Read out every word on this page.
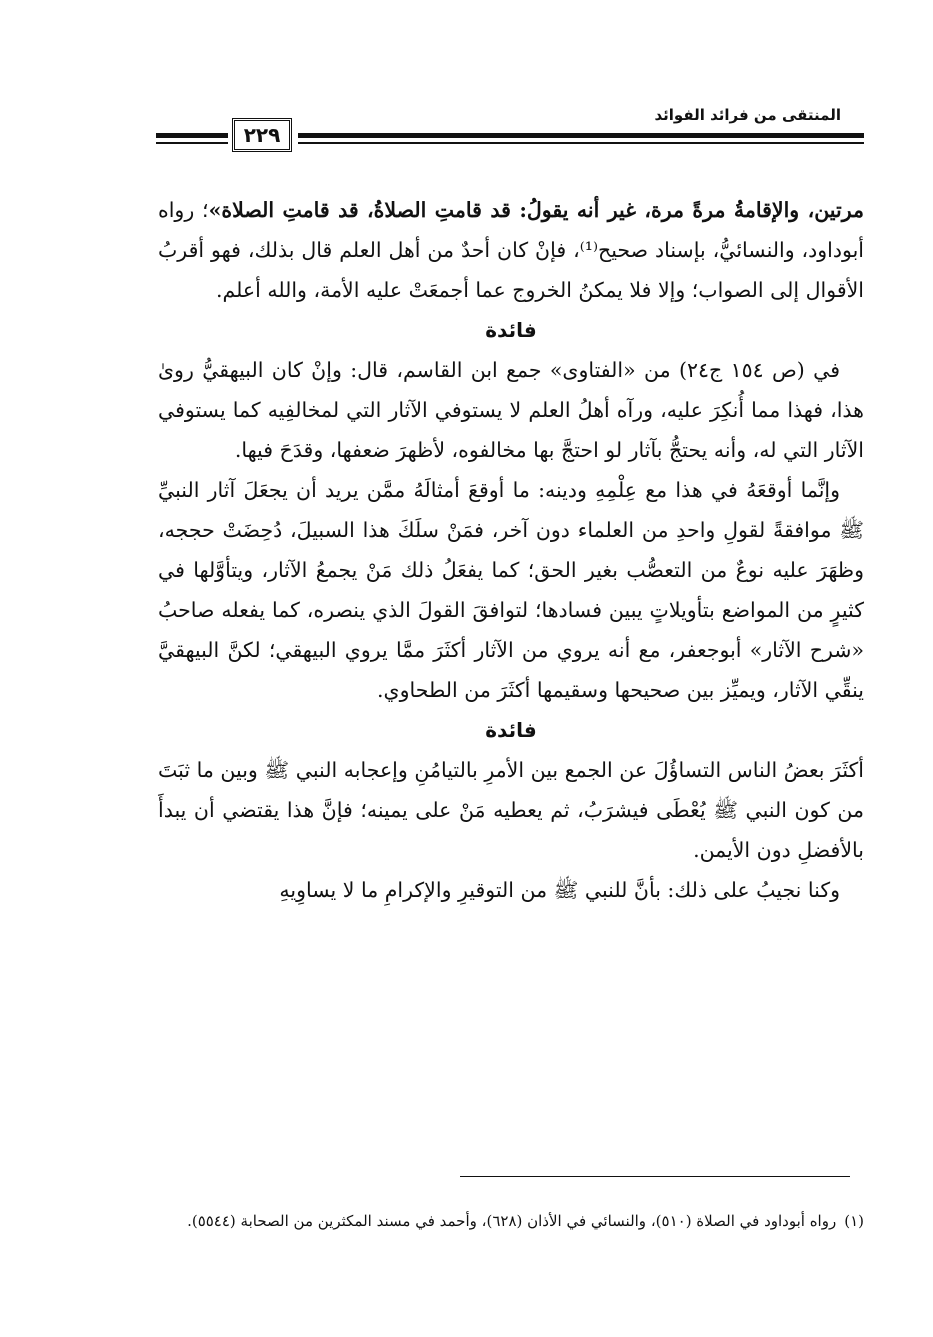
المنتقى من فرائد الفوائد
٢٢٩

مرتين، والإقامةُ مرةً مرة، غير أنه يقولُ: قد قامتِ الصلاةُ، قد قامتِ الصلاة»؛ رواه أبوداود، والنسائيُّ، بإسناد صحيح⁽¹⁾، فإنْ كان أحدٌ من أهل العلم قال بذلك، فهو أقربُ الأقوال إلى الصواب؛ وإلا فلا يمكنُ الخروج عما أجمعَتْ عليه الأمة، والله أعلم.

فائدة

في (ص ١٥٤ ج٢٤) من «الفتاوى» جمع ابن القاسم، قال: وإنْ كان البيهقيُّ روىٰ هذا، فهذا مما أُنكِرَ عليه، ورآه أهلُ العلم لا يستوفي الآثار التي لمخالفِيه كما يستوفي الآثار التي له، وأنه يحتجُّ بآثار لو احتجَّ بها مخالفوه، لأظهرَ ضعفها، وقدَحَ فيها.

وإنَّما أوقعَهُ في هذا مع عِلْمِهِ ودينه: ما أوقعَ أمثالَهُ ممَّن يريد أن يجعَلَ آثار النبيِّ ﷺ موافقةً لقولِ واحدِ من العلماء دون آخر، فمَنْ سلَكَ هذا السبيلَ، دُحِضَتْ حججه، وظهَرَ عليه نوعٌ من التعصُّب بغير الحق؛ كما يفعَلُ ذلك مَنْ يجمعُ الآثار، ويتأوَّلها في كثيرٍ من المواضع بتأويلاتٍ يبين فسادها؛ لتوافقَ القولَ الذي ينصره، كما يفعله صاحبُ «شرح الآثار» أبوجعفر، مع أنه يروي من الآثار أكثَرَ ممَّا يروي البيهقي؛ لكنَّ البيهقيَّ ينقِّي الآثار، ويميِّز بين صحيحها وسقيمها أكثَرَ من الطحاوي.

فائدة

أكثَرَ بعضُ الناس التساؤُلَ عن الجمع بين الأمرِ بالتيامُنِ وإعجابه النبي ﷺ وبين ما ثبَتَ من كون النبي ﷺ يُعْطَى فيشرَبُ، ثم يعطيه مَنْ على يمينه؛ فإنَّ هذا يقتضي أن يبدأَ بالأفضلِ دون الأيمن.

وكنا نجيبُ على ذلك: بأنَّ للنبي ﷺ من التوقيرِ والإكرامِ ما لا يساوِيهِ

(١)رواه أبوداود في الصلاة (٥١٠)، والنسائي في الأذان (٦٢٨)، وأحمد في مسند المكثرين من الصحابة (٥٥٤٤).
